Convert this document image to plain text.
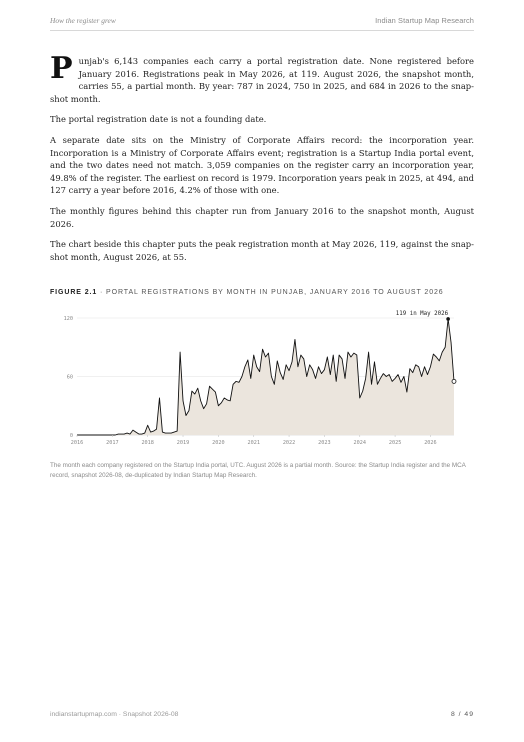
How the register grew	Indian Startup Map Research

Punjab's 6,143 companies each carry a portal registration date. None registered before January 2016. Registrations peak in May 2026, at 119. August 2026, the snapshot month, carries 55, a partial month. By year: 787 in 2024, 750 in 2025, and 684 in 2026 to the snap-shot month.

The portal registration date is not a founding date.

A separate date sits on the Ministry of Corporate Affairs record: the incorporation year. Incorporation is a Ministry of Corporate Affairs event; registration is a Startup India portal event, and the two dates need not match. 3,059 companies on the register carry an incorporation year, 49.8% of the register. The earliest on record is 1979. Incorporation years peak in 2025, at 494, and 127 carry a year before 2016, 4.2% of those with one.

The monthly figures behind this chapter run from January 2016 to the snapshot month, August 2026.

The chart beside this chapter puts the peak registration month at May 2026, 119, against the snap-shot month, August 2026, at 55.

FIGURE 2.1 · PORTAL REGISTRATIONS BY MONTH IN PUNJAB, JANUARY 2016 TO AUGUST 2026
0
60
120
2016	2017	2018	2019	2020	2021	2022	2023	2024	2025	2026
119 in May 2026
The month each company registered on the Startup India portal, UTC. August 2026 is a partial month. Source: the Startup India register and the MCA record, snapshot 2026-08, de-duplicated by Indian Startup Map Research.
indianstartupmap.com · Snapshot 2026-08	8 / 49
